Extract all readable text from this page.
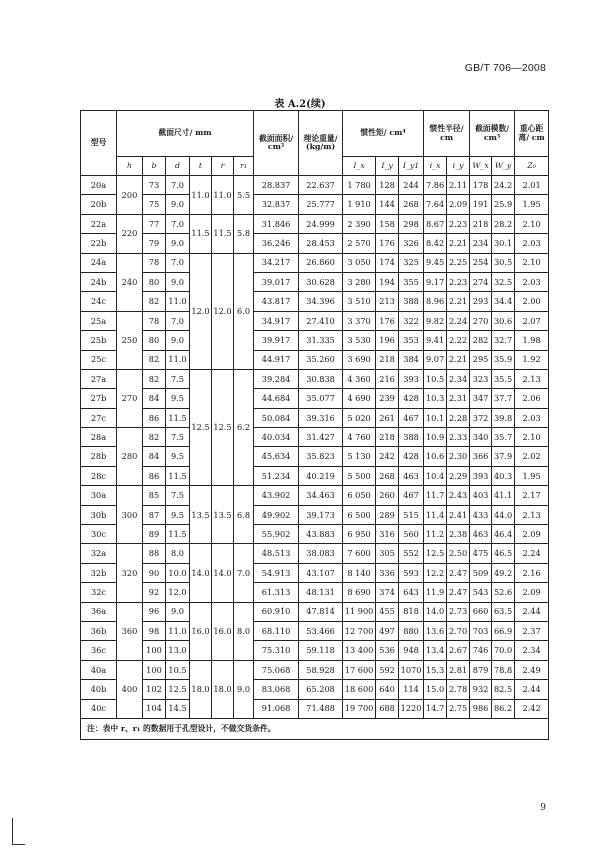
GB/T 706—2008
表 A.2(续)
型号	截面尺寸/ mm						截面面积/ cm²	理论重量/ (kg/m)	惯性矩/ cm⁴			惯性半径/ cm		截面模数/ cm³		重心距离/ cm
	h	b	d	t	r	r₁			I_x	I_y	I_y1	i_x	i_y	W_x	W_y	Z₀
20a	200	73	7.0	11.0	11.0	5.5	28.837	22.637	1 780	128	244	7.86	2.11	178	24.2	2.01
20b		75	9.0				32.837	25.777	1 910	144	268	7.64	2.09	191	25.9	1.95
22a	220	77	7.0	11.5	11.5	5.8	31.846	24.999	2 390	158	298	8.67	2.23	218	28.2	2.10
22b		79	9.0				36.246	28.453	2 570	176	326	8.42	2.21	234	30.1	2.03
24a	240	78	7.0	12.0	12.0	6.0	34.217	26.860	3 050	174	325	9.45	2.25	254	30.5	2.10
24b		80	9.0				39.017	30.628	3 280	194	355	9.17	2.23	274	32.5	2.03
24c		82	11.0				43.817	34.396	3 510	213	388	8.96	2.21	293	34.4	2.00
25a	250	78	7.0				34.917	27.410	3 370	176	322	9.82	2.24	270	30.6	2.07
25b		80	9.0				39.917	31.335	3 530	196	353	9.41	2.22	282	32.7	1.98
25c		82	11.0				44.917	35.260	3 690	218	384	9.07	2.21	295	35.9	1.92
27a	270	82	7.5	12.5	12.5	6.2	39.284	30.838	4 360	216	393	10.5	2.34	323	35.5	2.13
27b		84	9.5				44.684	35.077	4 690	239	428	10.3	2.31	347	37.7	2.06
27c		86	11.5				50.084	39.316	5 020	261	467	10.1	2.28	372	39.8	2.03
28a	280	82	7.5				40.034	31.427	4 760	218	388	10.9	2.33	340	35.7	2.10
28b		84	9.5				45.634	35.823	5 130	242	428	10.6	2.30	366	37.9	2.02
28c		86	11.5				51.234	40.219	5 500	268	463	10.4	2.29	393	40.3	1.95
30a	300	85	7.5	13.5	13.5	6.8	43.902	34.463	6 050	260	467	11.7	2.43	403	41.1	2.17
30b		87	9.5				49.902	39.173	6 500	289	515	11.4	2.41	433	44.0	2.13
30c		89	11.5				55.902	43.883	6 950	316	560	11.2	2.38	463	46.4	2.09
32a	320	88	8.0	14.0	14.0	7.0	48.513	38.083	7 600	305	552	12.5	2.50	475	46.5	2.24
32b		90	10.0				54.913	43.107	8 140	336	593	12.2	2.47	509	49.2	2.16
32c		92	12.0				61.313	48.131	8 690	374	643	11.9	2.47	543	52.6	2.09
36a	360	96	9.0	16.0	16.0	8.0	60.910	47.814	11 900	455	818	14.0	2.73	660	63.5	2.44
36b		98	11.0				68.110	53.466	12 700	497	880	13.6	2.70	703	66.9	2.37
36c		100	13.0				75.310	59.118	13 400	536	948	13.4	2.67	746	70.0	2.34
40a	400	100	10.5	18.0	18.0	9.0	75.068	58.928	17 600	592	1070	15.3	2.81	879	78.8	2.49
40b		102	12.5				83.068	65.208	18 600	640	114	15.0	2.78	932	82.5	2.44
40c		104	14.5				91.068	71.488	19 700	688	1220	14.7	2.75	986	86.2	2.42
注：表中 r、r₁ 的数据用于孔型设计，不做交货条件。																
9
